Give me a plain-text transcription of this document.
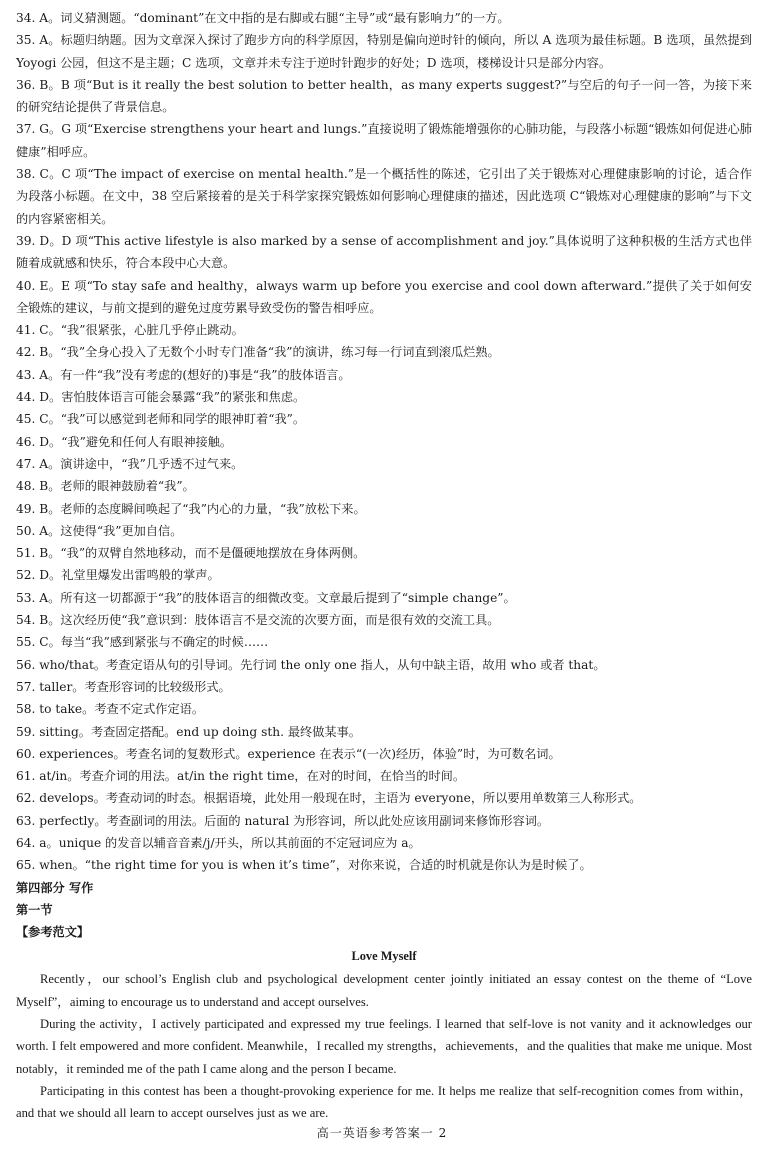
34. A。词义猜测题。“dominant”在文中指的是右脚或右腿“主导”或“最有影响力”的一方。

35. A。标题归纳题。因为文章深入探讨了跑步方向的科学原因，特别是偏向逆时针的倾向，所以 A 选项为最佳标题。B 选项，虽然提到 Yoyogi 公园，但这不是主题；C 选项，文章并未专注于逆时针跑步的好处；D 选项，楼梯设计只是部分内容。

36. B。B 项“But is it really the best solution to better health，as many experts suggest?”与空后的句子一问一答，为接下来的研究结论提供了背景信息。

37. G。G 项“Exercise strengthens your heart and lungs.”直接说明了锻炼能增强你的心肺功能，与段落小标题“锻炼如何促进心肺健康”相呼应。

38. C。C 项“The impact of exercise on mental health.”是一个概括性的陈述，它引出了关于锻炼对心理健康影响的讨论，适合作为段落小标题。在文中，38 空后紧接着的是关于科学家探究锻炼如何影响心理健康的描述，因此选项 C“锻炼对心理健康的影响”与下文的内容紧密相关。

39. D。D 项“This active lifestyle is also marked by a sense of accomplishment and joy.”具体说明了这种积极的生活方式也伴随着成就感和快乐，符合本段中心大意。

40. E。E 项“To stay safe and healthy，always warm up before you exercise and cool down afterward.”提供了关于如何安全锻炼的建议，与前文提到的避免过度劳累导致受伤的警告相呼应。

41. C。“我”很紧张，心脏几乎停止跳动。

42. B。“我”全身心投入了无数个小时专门准备“我”的演讲，练习每一行词直到滚瓜烂熟。

43. A。有一件“我”没有考虑的(想好的)事是“我”的肢体语言。

44. D。害怕肢体语言可能会暴露“我”的紧张和焦虑。

45. C。“我”可以感觉到老师和同学的眼神盯着“我”。

46. D。“我”避免和任何人有眼神接触。

47. A。演讲途中，“我”几乎透不过气来。

48. B。老师的眼神鼓励着“我”。

49. B。老师的态度瞬间唤起了“我”内心的力量，“我”放松下来。

50. A。这使得“我”更加自信。

51. B。“我”的双臂自然地移动，而不是僵硬地摆放在身体两侧。

52. D。礼堂里爆发出雷鸣般的掌声。

53. A。所有这一切都源于“我”的肢体语言的细微改变。文章最后提到了“simple change”。

54. B。这次经历使“我”意识到：肢体语言不是交流的次要方面，而是很有效的交流工具。

55. C。每当“我”感到紧张与不确定的时候……

56. who/that。考查定语从句的引导词。先行词 the only one 指人，从句中缺主语，故用 who 或者 that。

57. taller。考查形容词的比较级形式。

58. to take。考查不定式作定语。

59. sitting。考查固定搭配。end up doing sth. 最终做某事。

60. experiences。考查名词的复数形式。experience 在表示“(一次)经历，体验”时，为可数名词。

61. at/in。考查介词的用法。at/in the right time，在对的时间，在恰当的时间。

62. develops。考查动词的时态。根据语境，此处用一般现在时，主语为 everyone，所以要用单数第三人称形式。

63. perfectly。考查副词的用法。后面的 natural 为形容词，所以此处应该用副词来修饰形容词。

64. a。unique 的发音以辅音音素/j/开头，所以其前面的不定冠词应为 a。

65. when。“the right time for you is when it’s time”，对你来说，合适的时机就是你认为是时候了。

第四部分 写作

第一节

【参考范文】

Love Myself

Recently，our school’s English club and psychological development center jointly initiated an essay contest on the theme of “Love Myself”，aiming to encourage us to understand and accept ourselves.

During the activity，I actively participated and expressed my true feelings. I learned that self-love is not vanity and it acknowledges our worth. I felt empowered and more confident. Meanwhile，I recalled my strengths，achievements，and the qualities that make me unique. Most notably，it reminded me of the path I came along and the person I became.

Participating in this contest has been a thought-provoking experience for me. It helps me realize that self-recognition comes from within，and that we should all learn to accept ourselves just as we are.

高一英语参考答案一 2
